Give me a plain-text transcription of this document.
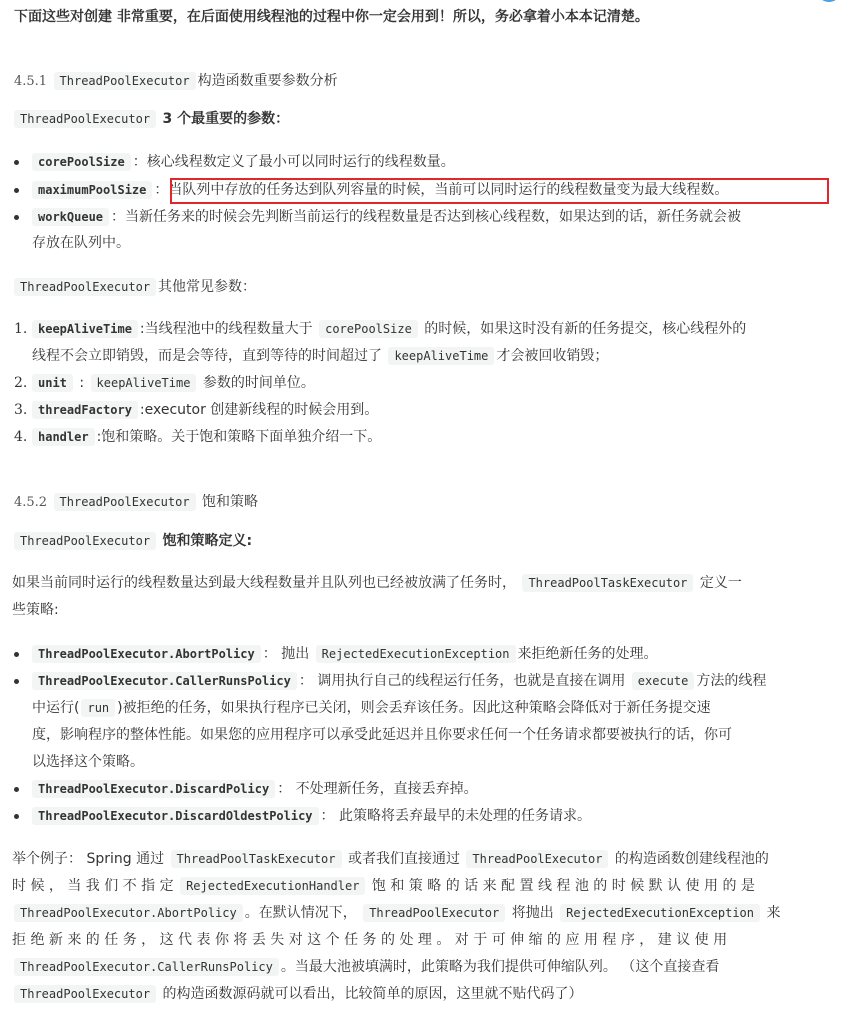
下面这些对创建 非常重要，在后面使用线程池的过程中你一定会用到！所以，务必拿着小本本记清楚。
4.5.1 ThreadPoolExecutor 构造函数重要参数分析
ThreadPoolExecutor 3 个最重要的参数：
corePoolSize ：核心线程数定义了最小可以同时运行的线程数量。
maximumPoolSize ：当队列中存放的任务达到队列容量的时候，当前可以同时运行的线程数量变为最大线程数。
workQueue ：当新任务来的时候会先判断当前运行的线程数量是否达到核心线程数，如果达到的话，新任务就会被
存放在队列中。
ThreadPoolExecutor 其他常见参数：
1. keepAliveTime :当线程池中的线程数量大于 corePoolSize 的时候，如果这时没有新的任务提交，核心线程外的
线程不会立即销毁，而是会等待，直到等待的时间超过了 keepAliveTime 才会被回收销毁；
2. unit : keepAliveTime 参数的时间单位。
3. threadFactory :executor 创建新线程的时候会用到。
4. handler :饱和策略。关于饱和策略下面单独介绍一下。
4.5.2 ThreadPoolExecutor 饱和策略
ThreadPoolExecutor 饱和策略定义:
如果当前同时运行的线程数量达到最大线程数量并且队列也已经被放满了任务时， ThreadPoolTaskExecutor 定义一
些策略:
ThreadPoolExecutor.AbortPolicy ： 抛出 RejectedExecutionException 来拒绝新任务的处理。
ThreadPoolExecutor.CallerRunsPolicy ： 调用执行自己的线程运行任务，也就是直接在调用 execute 方法的线程
中运行( run )被拒绝的任务，如果执行程序已关闭，则会丢弃该任务。因此这种策略会降低对于新任务提交速
度，影响程序的整体性能。如果您的应用程序可以承受此延迟并且你要求任何一个任务请求都要被执行的话，你可
以选择这个策略。
ThreadPoolExecutor.DiscardPolicy ： 不处理新任务，直接丢弃掉。
ThreadPoolExecutor.DiscardOldestPolicy ： 此策略将丢弃最早的未处理的任务请求。
举个例子： Spring 通过 ThreadPoolTaskExecutor 或者我们直接通过 ThreadPoolExecutor 的构造函数创建线程池的
时 候 ， 当 我 们 不 指 定 RejectedExecutionHandler 饱 和 策 略 的 话 来 配 置 线 程 池 的 时 候 默 认 使 用 的 是
ThreadPoolExecutor.AbortPolicy 。在默认情况下， ThreadPoolExecutor 将抛出 RejectedExecutionException 来
拒 绝 新 来 的 任 务 ， 这 代 表 你 将 丢 失 对 这 个 任 务 的 处 理 。 对 于 可 伸 缩 的 应 用 程 序 ， 建 议 使 用
ThreadPoolExecutor.CallerRunsPolicy 。当最大池被填满时，此策略为我们提供可伸缩队列。 （这个直接查看
ThreadPoolExecutor 的构造函数源码就可以看出，比较简单的原因，这里就不贴代码了）
